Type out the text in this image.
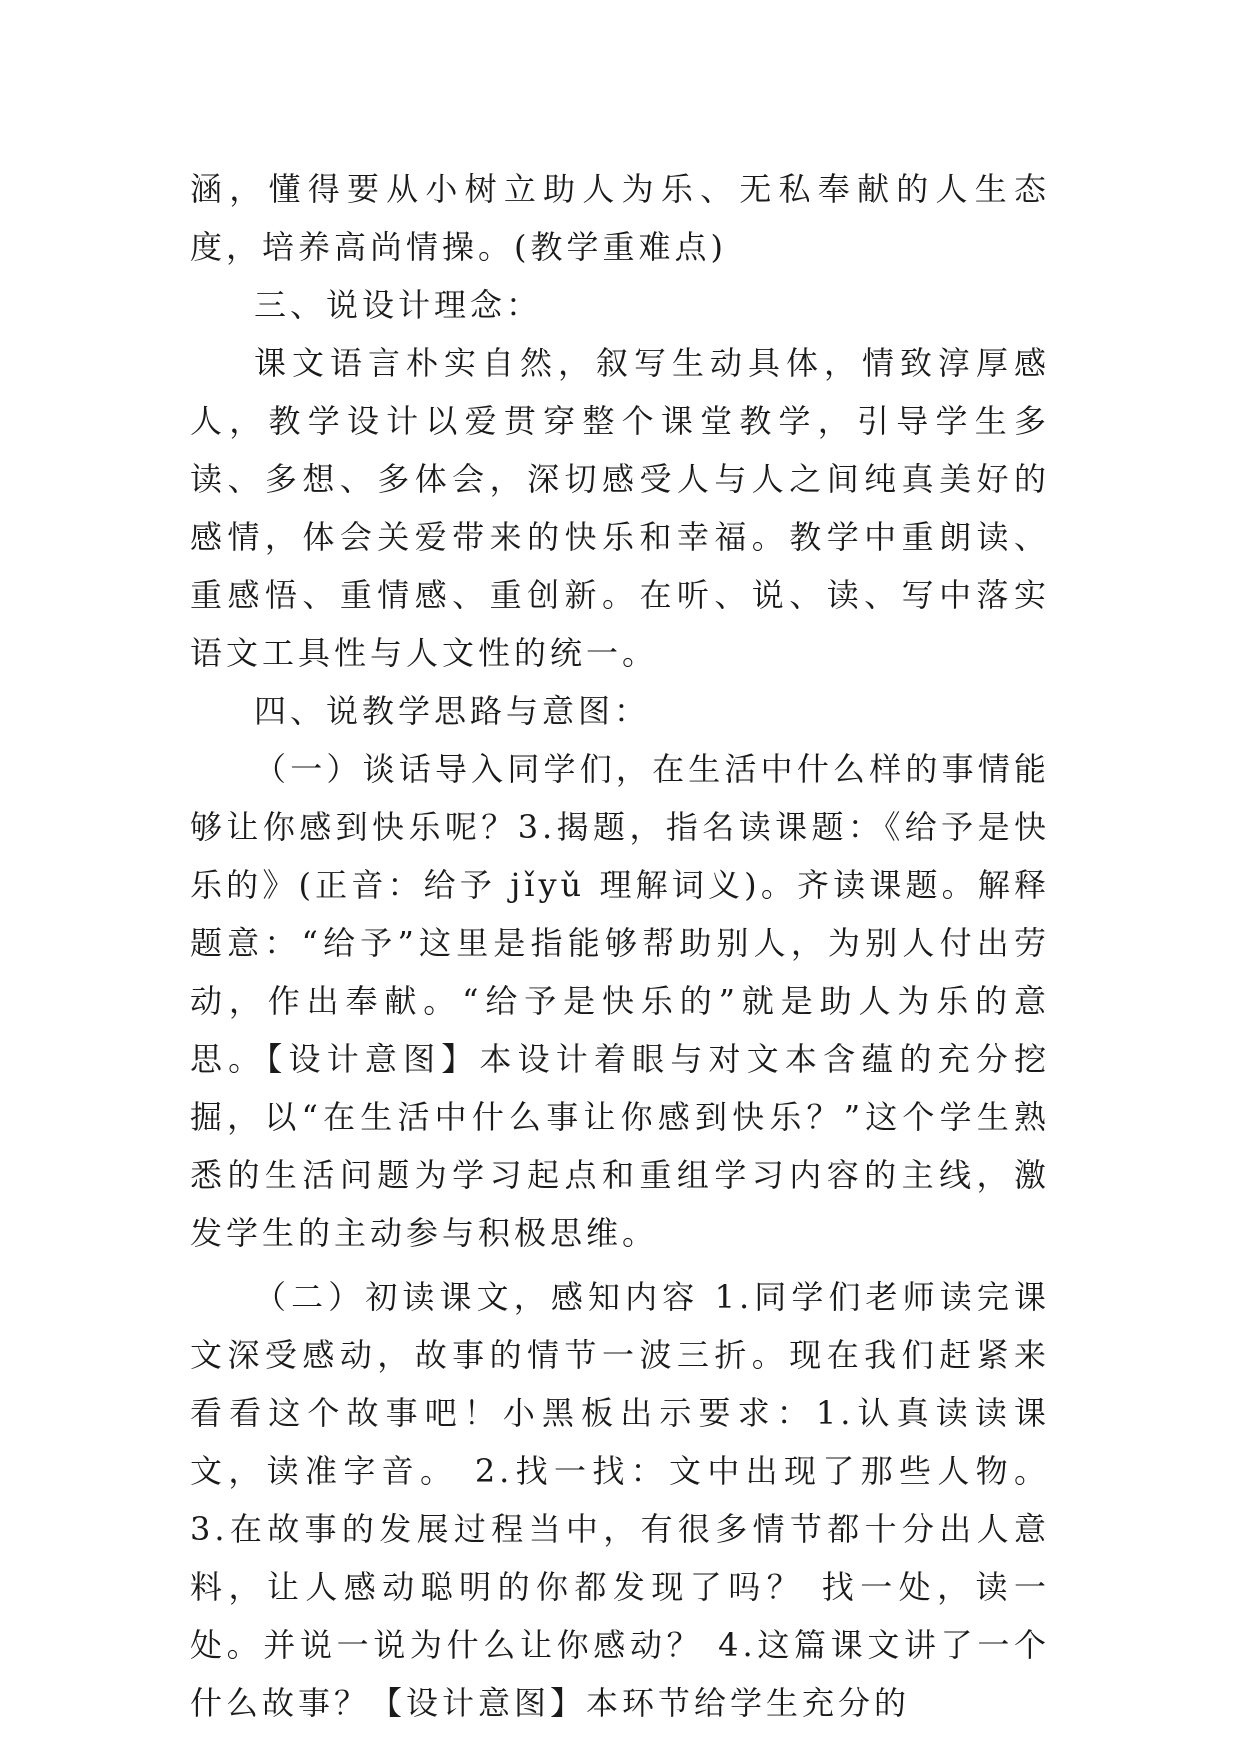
涵，懂得要从小树立助人为乐、无私奉献的人生态度，培养高尚情操。(教学重难点)

三、说设计理念：

课文语言朴实自然，叙写生动具体，情致淳厚感人，教学设计以爱贯穿整个课堂教学，引导学生多读、多想、多体会，深切感受人与人之间纯真美好的感情，体会关爱带来的快乐和幸福。教学中重朗读、重感悟、重情感、重创新。在听、说、读、写中落实语文工具性与人文性的统一。

四、说教学思路与意图：

（一）谈话导入同学们，在生活中什么样的事情能够让你感到快乐呢？3.揭题，指名读课题：《给予是快乐的》(正音：给予 jǐyǔ 理解词义)。齐读课题。解释题意：“给予”这里是指能够帮助别人，为别人付出劳动，作出奉献。“给予是快乐的”就是助人为乐的意思。【设计意图】本设计着眼与对文本含蕴的充分挖掘，以“在生活中什么事让你感到快乐？”这个学生熟悉的生活问题为学习起点和重组学习内容的主线，激发学生的主动参与积极思维。

（二）初读课文，感知内容 1.同学们老师读完课文深受感动，故事的情节一波三折。现在我们赶紧来看看这个故事吧！小黑板出示要求：1.认真读读课文，读准字音。 2.找一找：文中出现了那些人物。 3.在故事的发展过程当中，有很多情节都十分出人意料，让人感动聪明的你都发现了吗？ 找一处，读一处。并说一说为什么让你感动？ 4.这篇课文讲了一个什么故事？【设计意图】本环节给学生充分的
